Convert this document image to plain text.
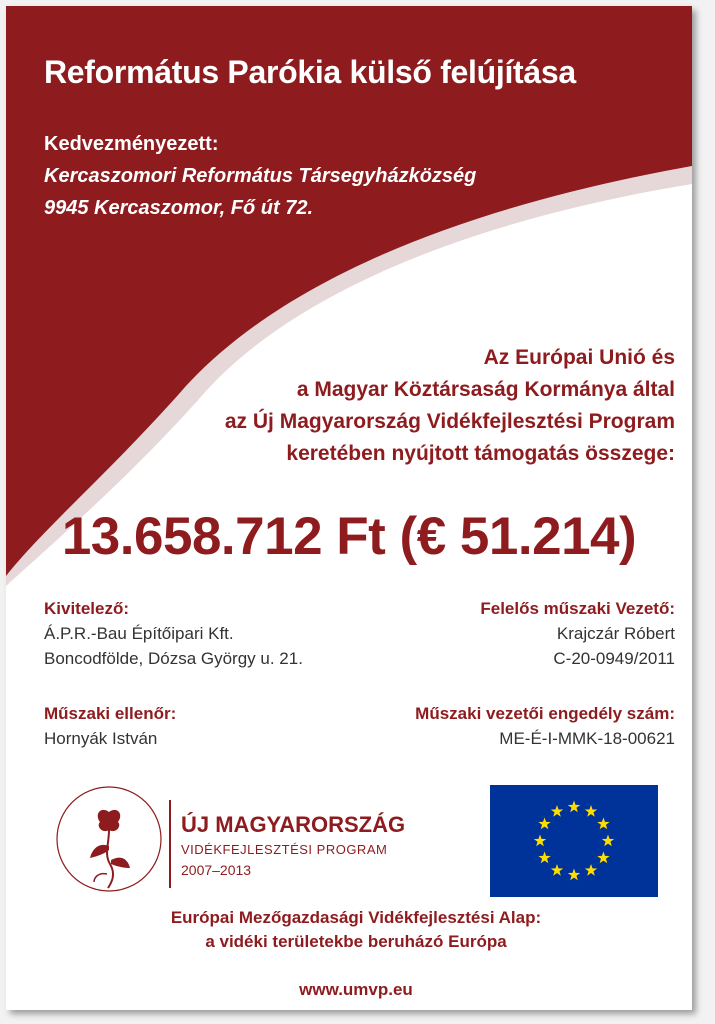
Református Parókia külső felújítása
Kedvezményezett:
Kercaszomori Református Társegyházközség
9945 Kercaszomor, Fő út 72.
Az Európai Unió és
a Magyar Köztársaság Kormánya által
az Új Magyarország Vidékfejlesztési Program
keretében nyújtott támogatás összege:
13.658.712 Ft (€ 51.214)
Kivitelező:
Á.P.R.-Bau Építőipari Kft.
Boncodfölde, Dózsa György u. 21.
Felelős műszaki Vezető:
Krajczár Róbert
C-20-0949/2011
Műszaki ellenőr:
Hornyák István
Műszaki vezetői engedély szám:
ME-É-I-MMK-18-00621
ÚJ MAGYARORSZÁG
VIDÉKFEJLESZTÉSI PROGRAM
2007–2013
Európai Mezőgazdasági Vidékfejlesztési Alap:
a vidéki területekbe beruházó Európa
www.umvp.eu
